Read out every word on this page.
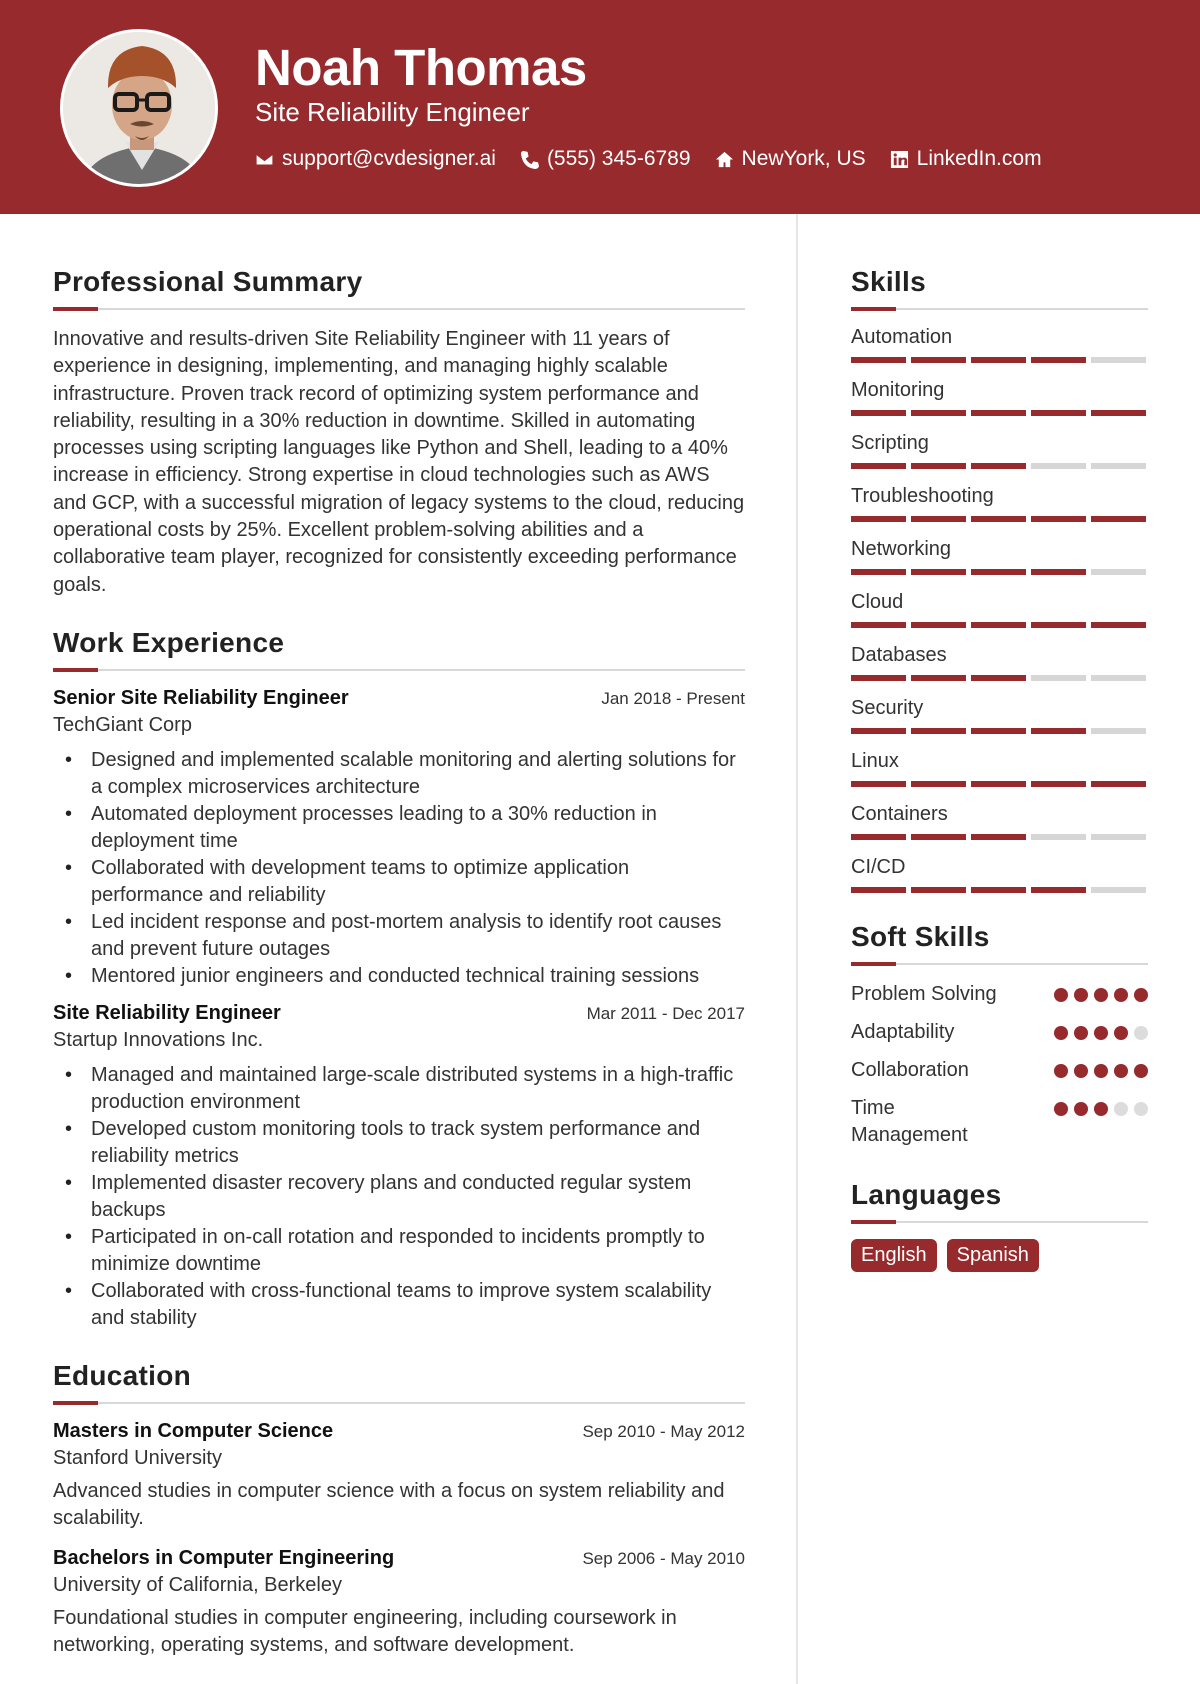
Noah Thomas
Site Reliability Engineer
support@cvdesigner.ai (555) 345-6789 NewYork, US LinkedIn.com
Professional Summary

Innovative and results-driven Site Reliability Engineer with 11 years of experience in designing, implementing, and managing highly scalable infrastructure. Proven track record of optimizing system performance and reliability, resulting in a 30% reduction in downtime. Skilled in automating processes using scripting languages like Python and Shell, leading to a 40% increase in efficiency. Strong expertise in cloud technologies such as AWS and GCP, with a successful migration of legacy systems to the cloud, reducing operational costs by 25%. Excellent problem-solving abilities and a collaborative team player, recognized for consistently exceeding performance goals.

Work Experience
Senior Site Reliability Engineer	Jan 2018 - Present
TechGiant Corp
• Designed and implemented scalable monitoring and alerting solutions for a complex microservices architecture
• Automated deployment processes leading to a 30% reduction in deployment time
• Collaborated with development teams to optimize application performance and reliability
• Led incident response and post-mortem analysis to identify root causes and prevent future outages
• Mentored junior engineers and conducted technical training sessions
Site Reliability Engineer	Mar 2011 - Dec 2017
Startup Innovations Inc.
• Managed and maintained large-scale distributed systems in a high-traffic production environment
• Developed custom monitoring tools to track system performance and reliability metrics
• Implemented disaster recovery plans and conducted regular system backups
• Participated in on-call rotation and responded to incidents promptly to minimize downtime
• Collaborated with cross-functional teams to improve system scalability and stability
Education
Masters in Computer Science	Sep 2010 - May 2012
Stanford University

Advanced studies in computer science with a focus on system reliability and scalability.

Bachelors in Computer Engineering	Sep 2006 - May 2010
University of California, Berkeley

Foundational studies in computer engineering, including coursework in networking, operating systems, and software development.

Skills
Automation
Monitoring
Scripting
Troubleshooting
Networking
Cloud
Databases
Security
Linux
Containers
CI/CD
Soft Skills
Problem Solving
Adaptability
Collaboration
Time Management
Languages
English	Spanish
